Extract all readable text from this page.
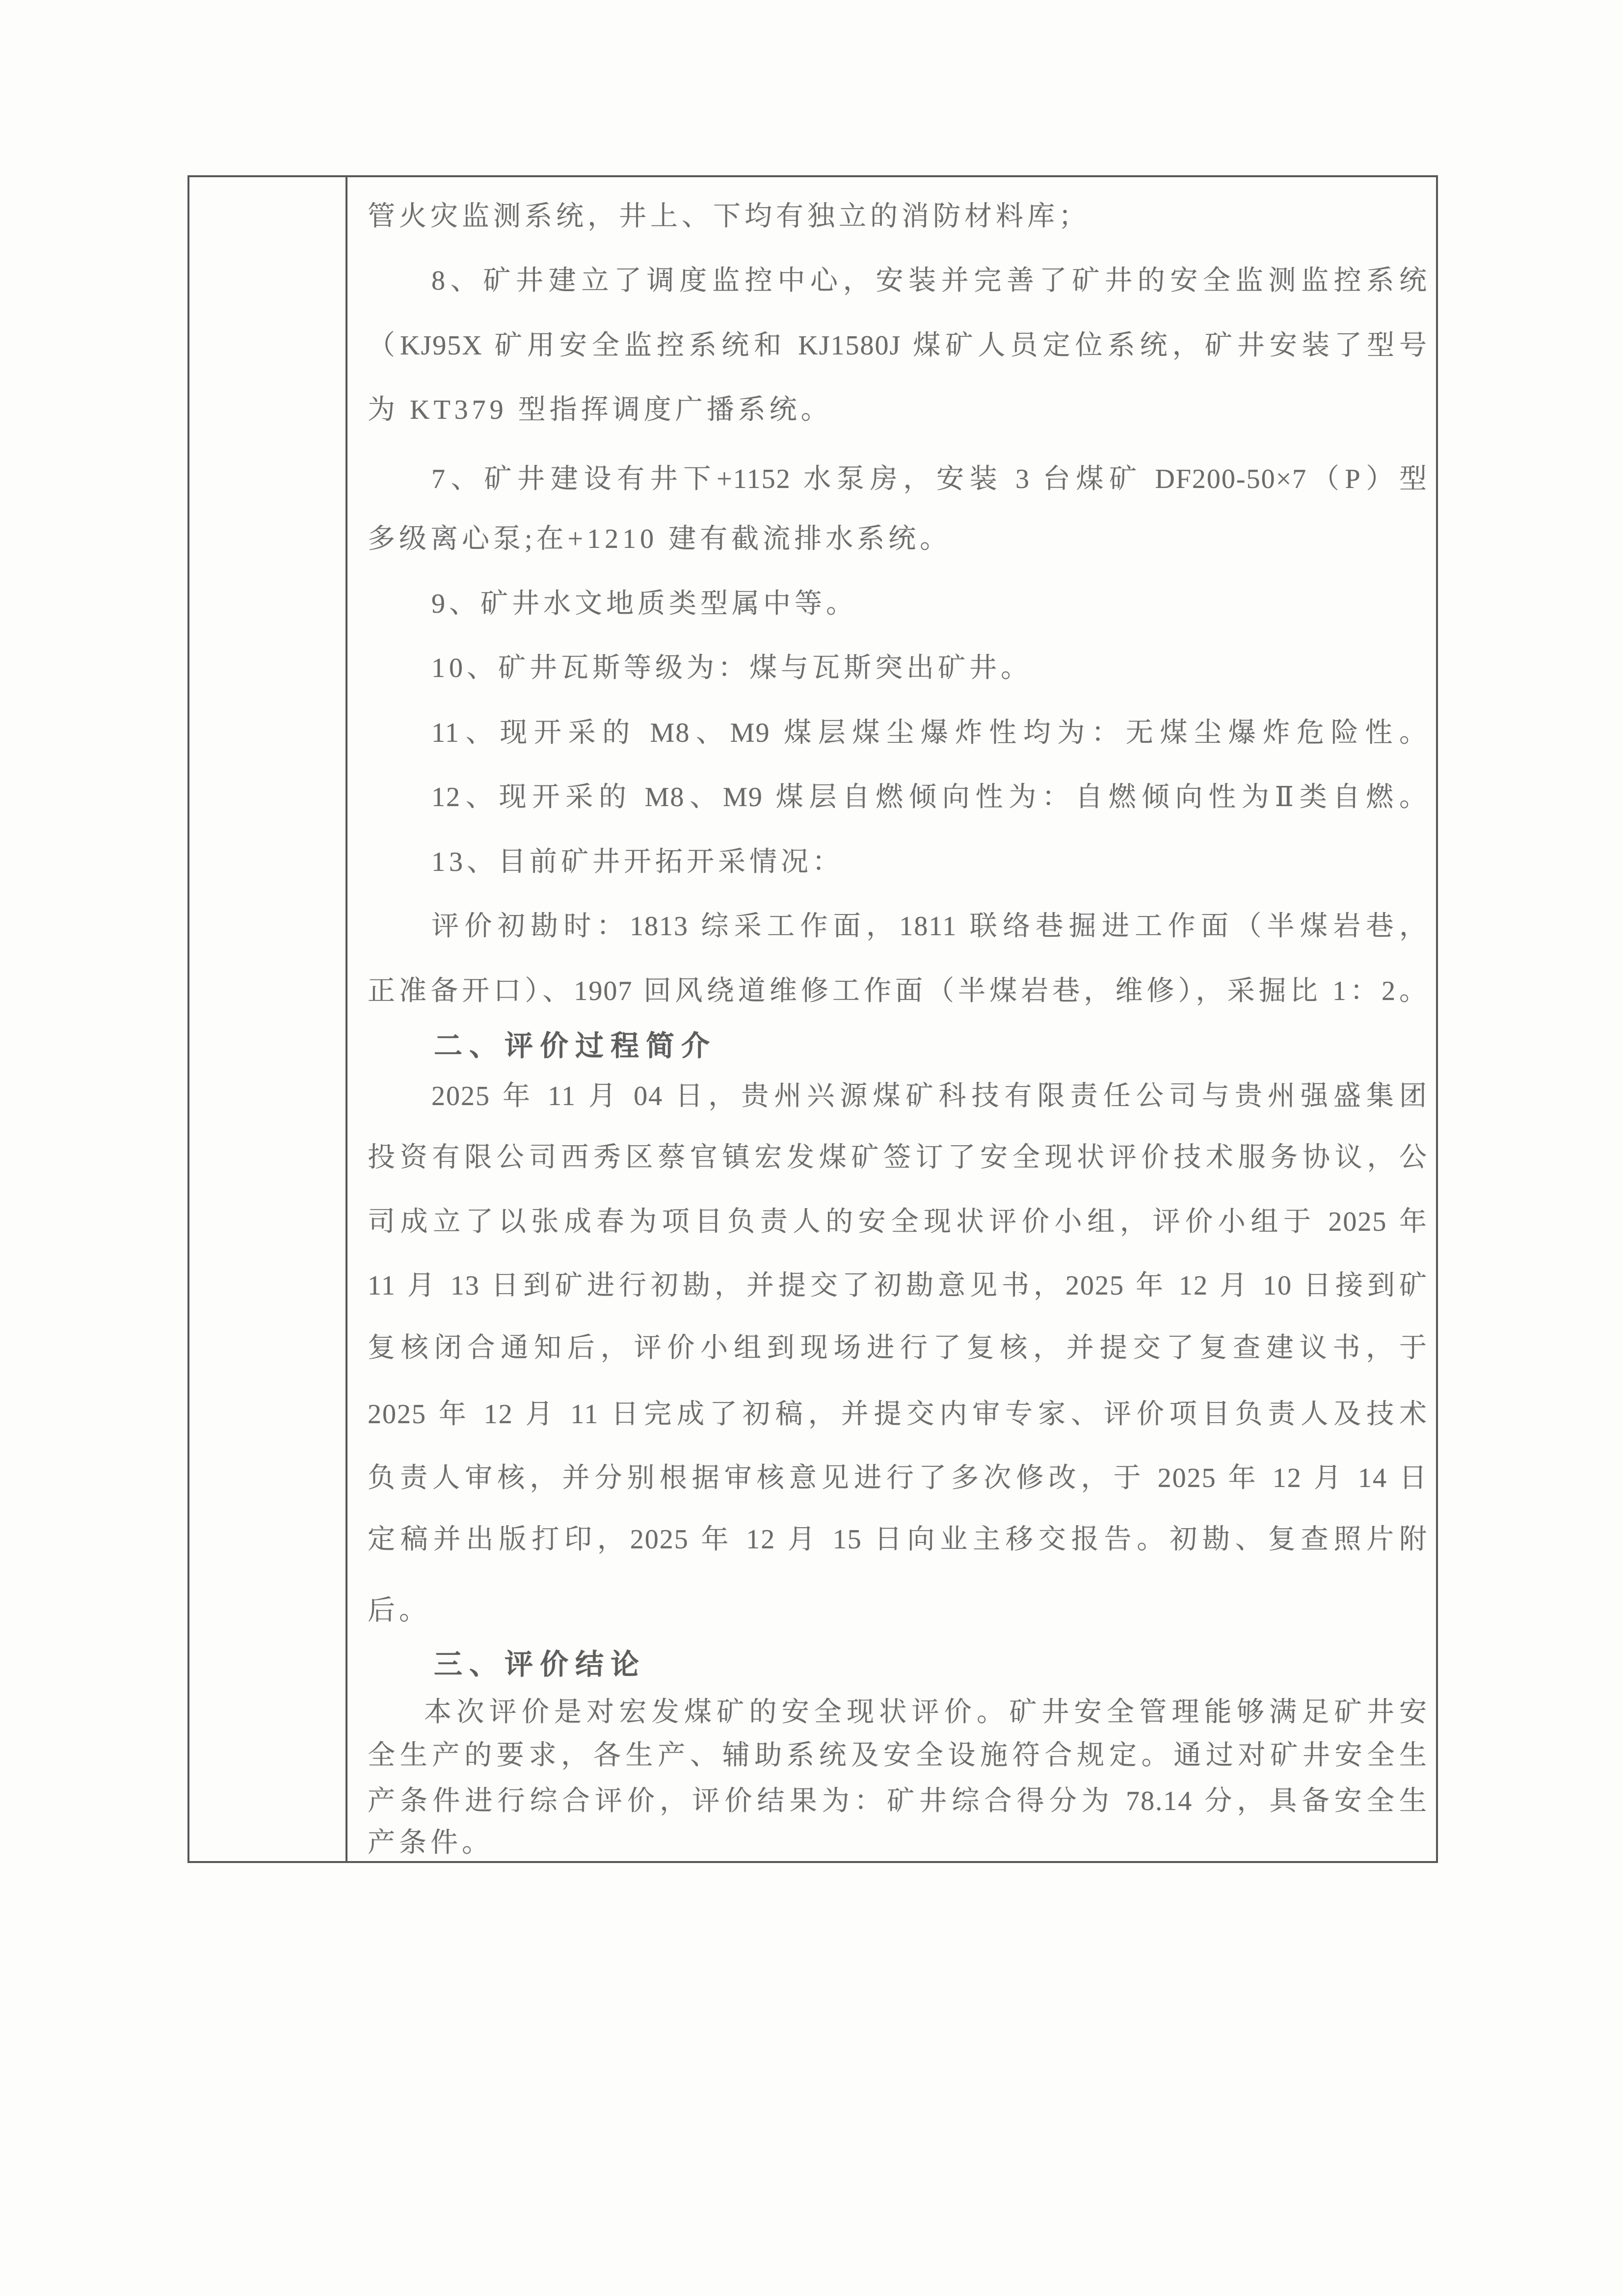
管火灾监测系统，井上、下均有独立的消防材料库；
8、矿井建立了调度监控中心，安装并完善了矿井的安全监测监控系统
（KJ95X 矿用安全监控系统和 KJ1580J 煤矿人员定位系统，矿井安装了型号
为 KT379 型指挥调度广播系统。
7、矿井建设有井下+1152 水泵房，安装 3 台煤矿 DF200-50×7（P）型
多级离心泵;在+1210 建有截流排水系统。
9、矿井水文地质类型属中等。
10、矿井瓦斯等级为：煤与瓦斯突出矿井。
11、现开采的 M8、M9 煤层煤尘爆炸性均为：无煤尘爆炸危险性。
12、现开采的 M8、M9 煤层自燃倾向性为：自燃倾向性为Ⅱ类自燃。
13、目前矿井开拓开采情况：
评价初勘时：1813 综采工作面，1811 联络巷掘进工作面（半煤岩巷，
正准备开口）、1907 回风绕道维修工作面（半煤岩巷，维修），采掘比 1：2。
二、评价过程简介
2025 年 11 月 04 日，贵州兴源煤矿科技有限责任公司与贵州强盛集团
投资有限公司西秀区蔡官镇宏发煤矿签订了安全现状评价技术服务协议，公
司成立了以张成春为项目负责人的安全现状评价小组，评价小组于 2025 年
11 月 13 日到矿进行初勘，并提交了初勘意见书，2025 年 12 月 10 日接到矿
复核闭合通知后，评价小组到现场进行了复核，并提交了复查建议书，于
2025 年 12 月 11 日完成了初稿，并提交内审专家、评价项目负责人及技术
负责人审核，并分别根据审核意见进行了多次修改，于 2025 年 12 月 14 日
定稿并出版打印，2025 年 12 月 15 日向业主移交报告。初勘、复查照片附
后。
三、评价结论
本次评价是对宏发煤矿的安全现状评价。矿井安全管理能够满足矿井安
全生产的要求，各生产、辅助系统及安全设施符合规定。通过对矿井安全生
产条件进行综合评价，评价结果为：矿井综合得分为 78.14 分，具备安全生
产条件。
